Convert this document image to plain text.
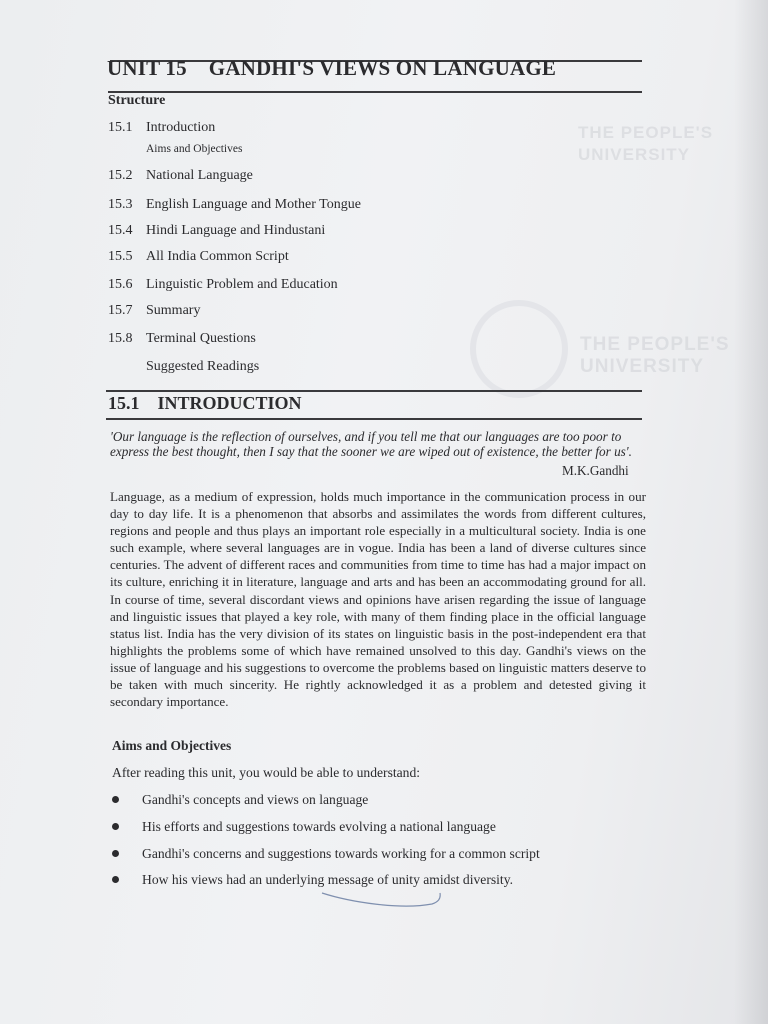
THE PEOPLE'S
UNIVERSITY
THE PEOPLE'S
UNIVERSITY
UNIT 15 GANDHI'S VIEWS ON LANGUAGE
Structure
15.1 Introduction
Aims and Objectives
15.2 National Language
15.3 English Language and Mother Tongue
15.4 Hindi Language and Hindustani
15.5 All India Common Script
15.6 Linguistic Problem and Education
15.7 Summary
15.8 Terminal Questions
Suggested Readings
15.1 INTRODUCTION
'Our language is the reflection of ourselves, and if you tell me that our languages are too poor to express the best thought, then I say that the sooner we are wiped out of existence, the better for us'.
M.K.Gandhi
Language, as a medium of expression, holds much importance in the communication process in our day to day life. It is a phenomenon that absorbs and assimilates the words from different cultures, regions and people and thus plays an important role especially in a multicultural society. India is one such example, where several languages are in vogue. India has been a land of diverse cultures since centuries. The advent of different races and communities from time to time has had a major impact on its culture, enriching it in literature, language and arts and has been an accommodating ground for all. In course of time, several discordant views and opinions have arisen regarding the issue of language and linguistic issues that played a key role, with many of them finding place in the official language status list. India has the very division of its states on linguistic basis in the post-independent era that highlights the problems some of which have remained unsolved to this day. Gandhi's views on the issue of language and his suggestions to overcome the problems based on linguistic matters deserve to be taken with much sincerity. He rightly acknowledged it as a problem and detested giving it secondary importance.
Aims and Objectives
After reading this unit, you would be able to understand:
Gandhi's concepts and views on language
His efforts and suggestions towards evolving a national language
Gandhi's concerns and suggestions towards working for a common script
How his views had an underlying message of unity amidst diversity.
